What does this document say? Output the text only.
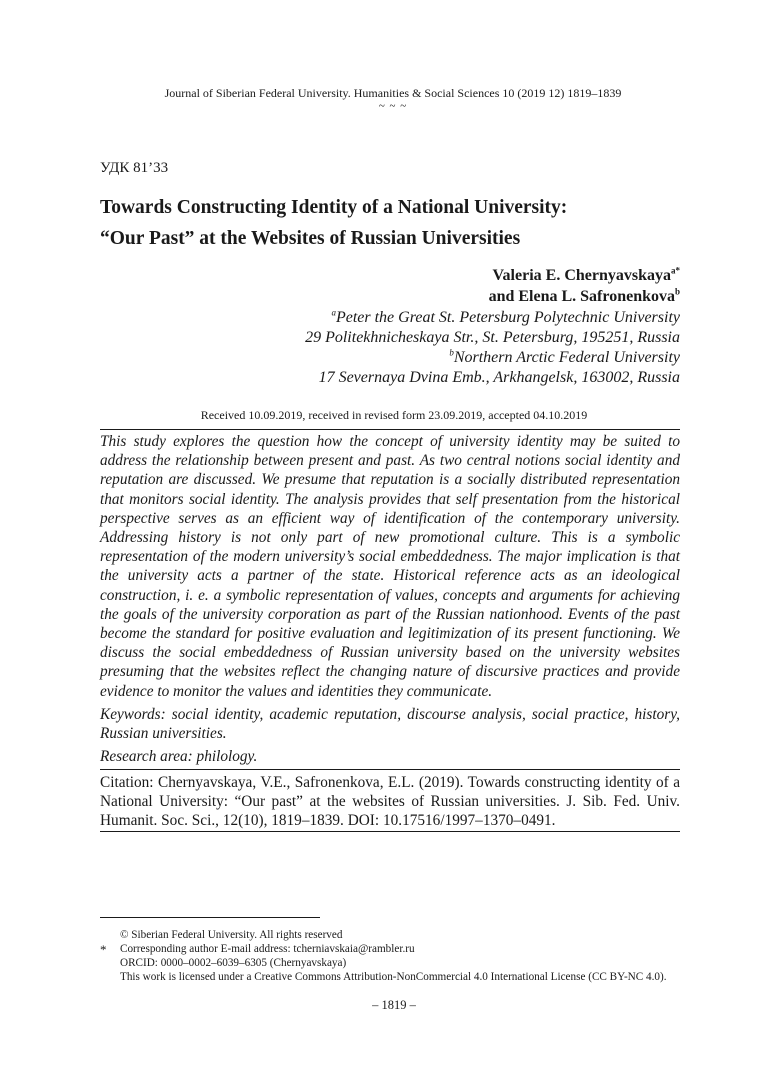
Journal of Siberian Federal University. Humanities & Social Sciences 10 (2019 12) 1819–1839
~ ~ ~
УДК 81’33
Towards Constructing Identity of a National University:
“Our Past” at the Websites of Russian Universities
Valeria E. Chernyavskaya$^{a*}$
and Elena L. Safronenkova$^b$
$^a$Peter the Great St. Petersburg Polytechnic University
29 Politekhnicheskaya Str., St. Petersburg, 195251, Russia
$^b$Northern Arctic Federal University
17 Severnaya Dvina Emb., Arkhangelsk, 163002, Russia
Received 10.09.2019, received in revised form 23.09.2019, accepted 04.10.2019

This study explores the question how the concept of university identity may be suited to address the relationship between present and past. As two central notions social identity and reputation are discussed. We presume that reputation is a socially distributed representation that monitors social identity. The analysis provides that self presentation from the historical perspective serves as an efficient way of identification of the contemporary university. Addressing history is not only part of new promotional culture. This is a symbolic representation of the modern university’s social embeddedness. The major implication is that the university acts a partner of the state. Historical reference acts as an ideological construction, i. e. a symbolic representation of values, concepts and arguments for achieving the goals of the university corporation as part of the Russian nationhood. Events of the past become the standard for positive evaluation and legitimization of its present functioning. We discuss the social embeddedness of Russian university based on the university websites presuming that the websites reflect the changing nature of discursive practices and provide evidence to monitor the values and identities they communicate.

Keywords: social identity, academic reputation, discourse analysis, social practice, history, Russian universities.

Research area: philology.

Citation: Chernyavskaya, V.E., Safronenkova, E.L. (2019). Towards constructing identity of a National University: “Our past” at the websites of Russian universities. J. Sib. Fed. Univ. Humanit. Soc. Sci., 12(10), 1819–1839. DOI: 10.17516/1997–1370–0491.

© Siberian Federal University. All rights reserved
* Corresponding author E-mail address: tcherniavskaia@rambler.ru
ORCID: 0000–0002–6039–6305 (Chernyavskaya)
This work is licensed under a Creative Commons Attribution-NonCommercial 4.0 International License (CC BY-NC 4.0).
– 1819 –
